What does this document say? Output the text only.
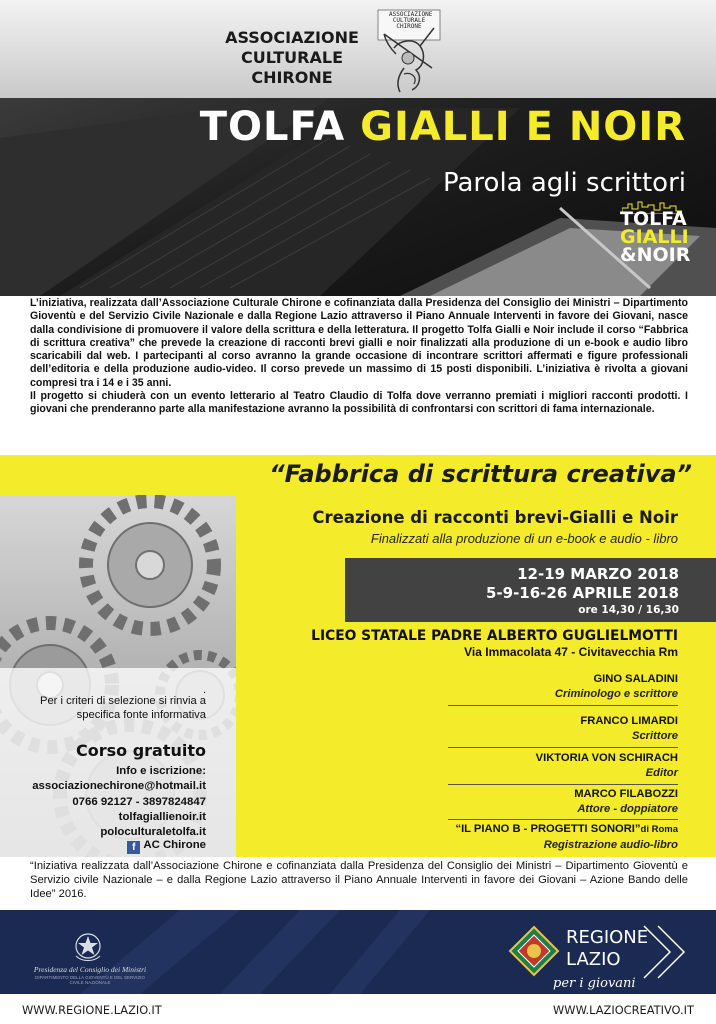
ASSOCIAZIONE
CULTURALE
CHIRONE
ASSOCIAZIONE
CULTURALE
CHIRONE
TOLFA GIALLI E NOIR
Parola agli scrittori
TOLFA
GIALLI
&NOIR

L’iniziativa, realizzata dall’Associazione Culturale Chirone e cofinanziata dalla Presidenza del Consiglio dei Ministri – Dipartimento Gioventù e del Servizio Civile Nazionale e dalla Regione Lazio attraverso il Piano Annuale Interventi in favore dei Giovani, nasce dalla condivisione di promuovere il valore della scrittura e della letteratura. Il progetto Tolfa Gialli e Noir include il corso “Fabbrica di scrittura creativa” che prevede la creazione di racconti brevi gialli e noir finalizzati alla produzione di un e-book e audio libro scaricabili dal web. I partecipanti al corso avranno la grande occasione di incontrare scrittori affermati e figure professionali dell’editoria e della produzione audio-video. Il corso prevede un massimo di 15 posti disponibili. L’iniziativa è rivolta a giovani compresi tra i 14 e i 35 anni.

Il progetto si chiuderà con un evento letterario al Teatro Claudio di Tolfa dove verranno premiati i migliori racconti prodotti. I giovani che prenderanno parte alla manifestazione avranno la possibilità di confrontarsi con scrittori di fama internazionale.

“Fabbrica di scrittura creativa”
Creazione di racconti brevi-Gialli e Noir
Finalizzati alla produzione di un e-book e audio - libro
12-19 MARZO 2018
5-9-16-26 APRILE 2018
ore 14,30 / 16,30
LICEO STATALE PADRE ALBERTO GUGLIELMOTTI
Via Immacolata 47 - Civitavecchia Rm
GINO SALADINI
Criminologo e scrittore
FRANCO LIMARDI
Scrittore
VIKTORIA VON SCHIRACH
Editor
MARCO FILABOZZI
Attore - doppiatore
“IL PIANO B - PROGETTI SONORI”di Roma
Registrazione audio-libro
.
Per i criteri di selezione si rinvia a specifica fonte informativa
Corso gratuito
Info e iscrizione:
associazionechirone@hotmail.it
0766 92127 - 3897824847
tolfagiallienoir.it
poloculturaletolfa.it
f AC Chirone
“Iniziativa realizzata dall’Associazione Chirone e cofinanziata dalla Presidenza del Consiglio dei Ministri – Dipartimento Gioventù e Servizio civile Nazionale – e dalla Regione Lazio attraverso il Piano Annuale Interventi in favore dei Giovani – Azione Bando delle Idee” 2016.
Presidenza del Consiglio dei Ministri
DIPARTIMENTO DELLA GIOVENTÙ E DEL SERVIZIO CIVILE NAZIONALE
REGIONE
LAZIO
per i giovani
WWW.REGIONE.LAZIO.IT	WWW.LAZIOCREATIVO.IT
